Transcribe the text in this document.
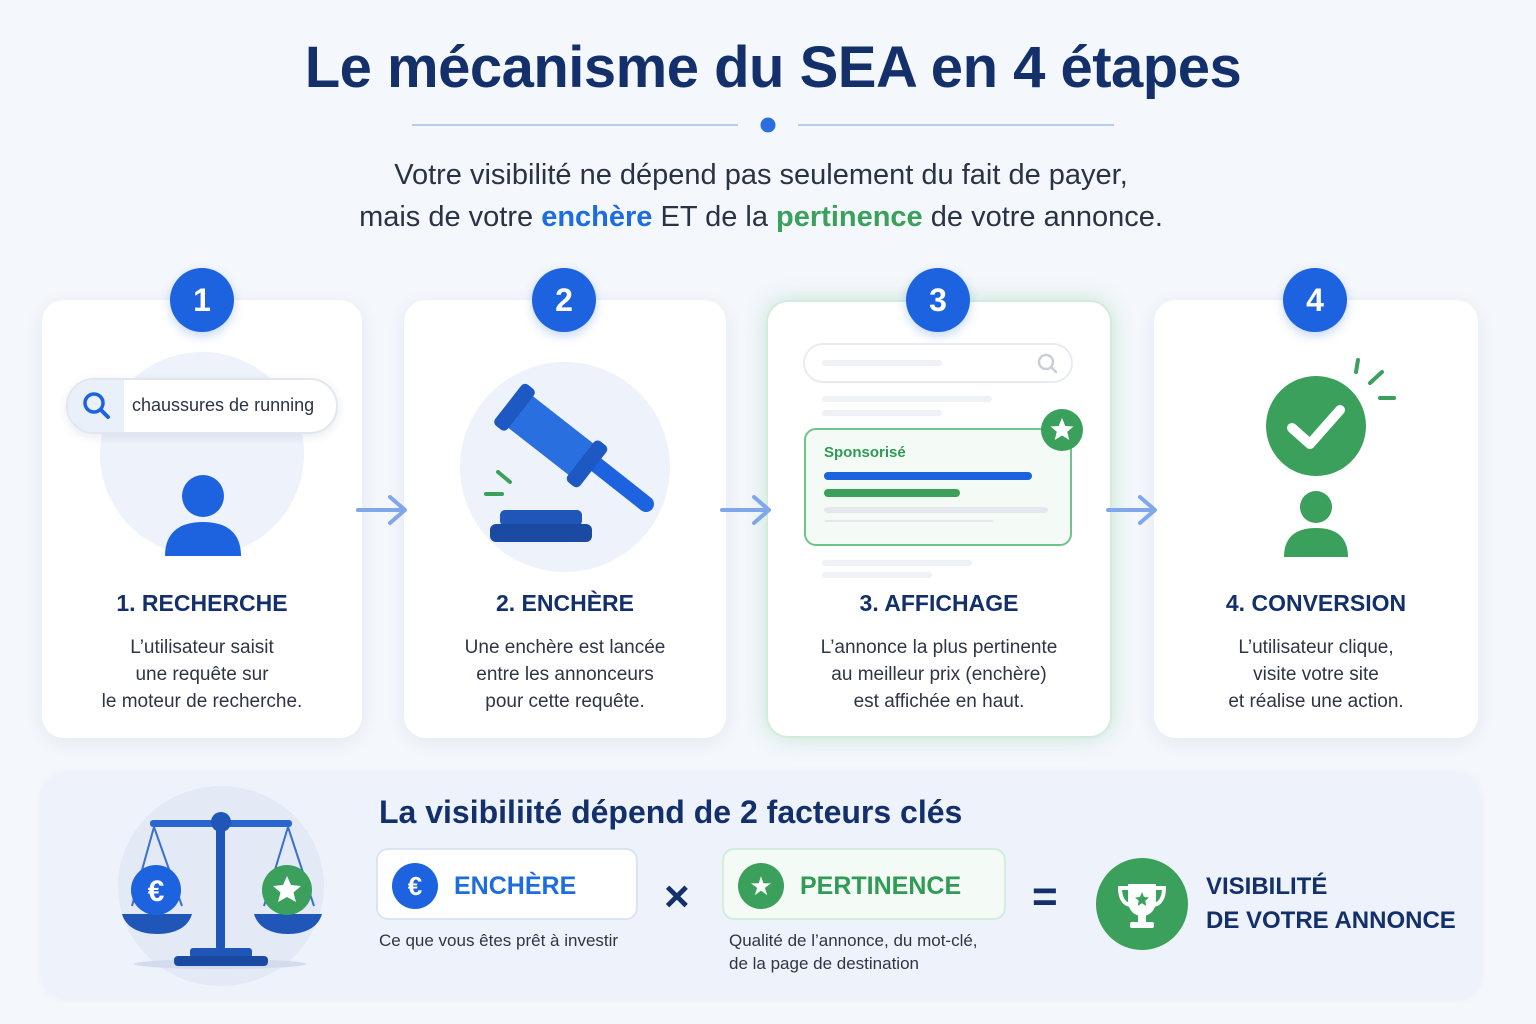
Le mécanisme du SEA en 4 étapes
Votre visibilité ne dépend pas seulement du fait de payer,
mais de votre enchère ET de la pertinence de votre annonce.
1	2	3	4
chaussures de running
Sponsorisé
1. RECHERCHE	2. ENCHÈRE	3. AFFICHAGE	4. CONVERSION
L’utilisateur saisit
une requête sur
le moteur de recherche.
Une enchère est lancée
entre les annonceurs
pour cette requête.
L’annonce la plus pertinente
au meilleur prix (enchère)
est affichée en haut.
L’utilisateur clique,
visite votre site
et réalise une action.
€
La visibiliité dépend de 2 facteurs clés
€	ENCHÈRE
Ce que vous êtes prêt à investir
×	★	PERTINENCE
Qualité de l’annonce, du mot-clé,
de la page de destination
=	VISIBILITÉ
DE VOTRE ANNONCE
